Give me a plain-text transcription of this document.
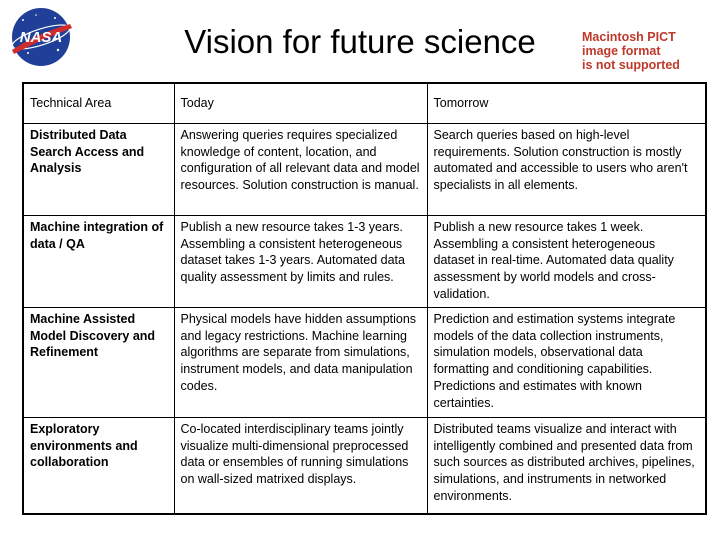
NASA	Vision for future science	Macintosh PICT
image format
is not supported
Technical Area	Today	Tomorrow
Distributed Data Search Access and Analysis	Answering queries requires specialized knowledge of content, location, and configuration of all relevant data and model resources. Solution construction is manual.	Search queries based on high-level requirements. Solution construction is mostly automated and accessible to users who aren't specialists in all elements.
Machine integration of data / QA	Publish a new resource takes 1-3 years. Assembling a consistent heterogeneous dataset takes 1-3 years. Automated data quality assessment by limits and rules.	Publish a new resource takes 1 week. Assembling a consistent heterogeneous dataset in real-time. Automated data quality assessment by world models and cross-validation.
Machine Assisted Model Discovery and Refinement	Physical models have hidden assumptions and legacy restrictions. Machine learning algorithms are separate from simulations, instrument models, and data manipulation codes.	Prediction and estimation systems integrate models of the data collection instruments, simulation models, observational data formatting and conditioning capabilities. Predictions and estimates with known certainties.
Exploratory environments and collaboration	Co-located interdisciplinary teams jointly visualize multi-dimensional preprocessed data or ensembles of running simulations on wall-sized matrixed displays.	Distributed teams visualize and interact with intelligently combined and presented data from such sources as distributed archives, pipelines, simulations, and instruments in networked environments.
